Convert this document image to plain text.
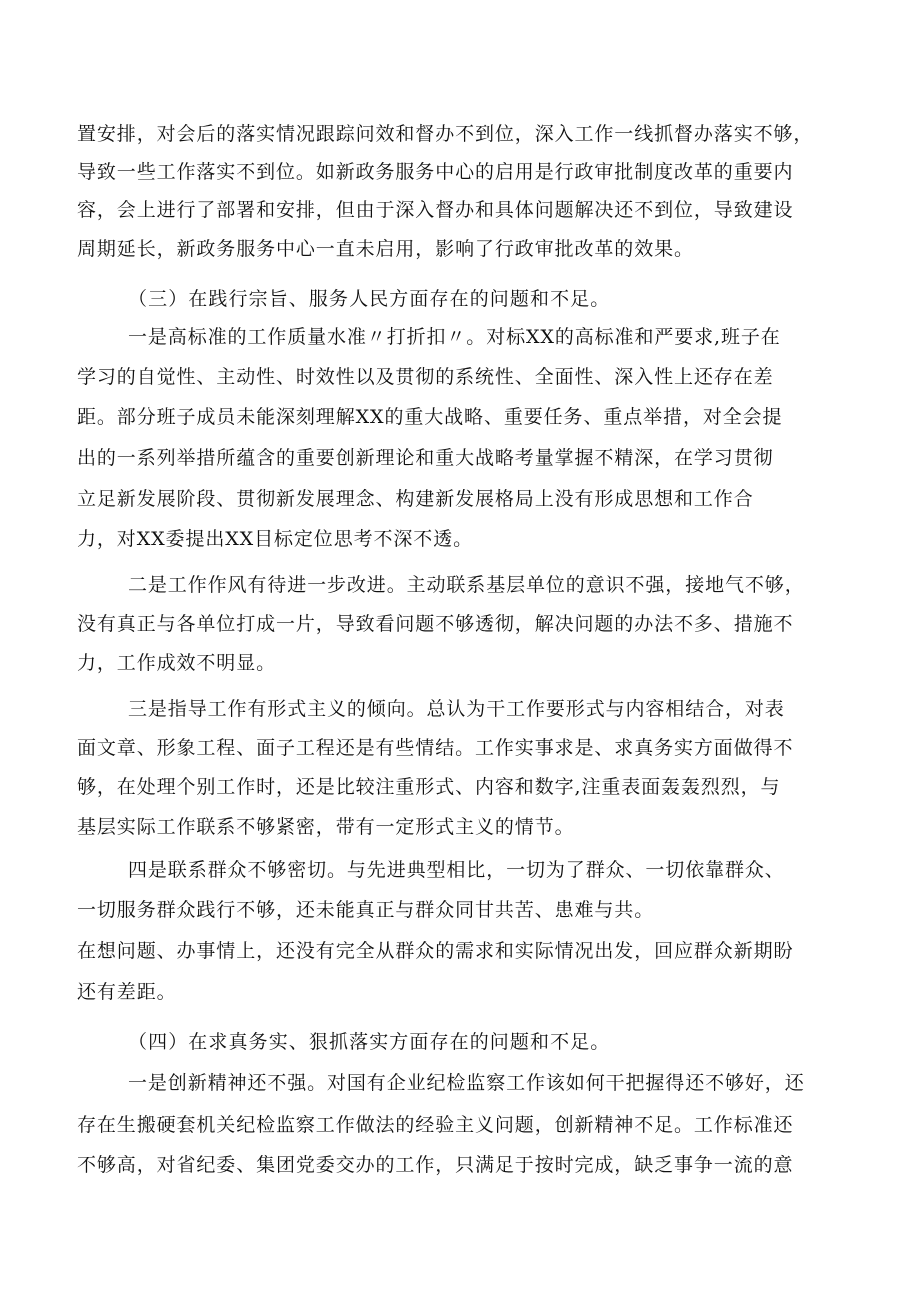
置安排，对会后的落实情况跟踪问效和督办不到位，深入工作一线抓督办落实不够，
导致一些工作落实不到位。如新政务服务中心的启用是行政审批制度改革的重要内
容，会上进行了部署和安排，但由于深入督办和具体问题解决还不到位，导致建设
周期延长，新政务服务中心一直未启用，影响了行政审批改革的效果。
（三）在践行宗旨、服务人民方面存在的问题和不足。
一是高标准的工作质量水准〃打折扣〃。对标XX的高标准和严要求,班子在
学习的自觉性、主动性、时效性以及贯彻的系统性、全面性、深入性上还存在差
距。部分班子成员未能深刻理解XX的重大战略、重要任务、重点举措，对全会提
出的一系列举措所蕴含的重要创新理论和重大战略考量掌握不精深，在学习贯彻
立足新发展阶段、贯彻新发展理念、构建新发展格局上没有形成思想和工作合
力，对XX委提出XX目标定位思考不深不透。
二是工作作风有待进一步改进。主动联系基层单位的意识不强，接地气不够，
没有真正与各单位打成一片，导致看问题不够透彻，解决问题的办法不多、措施不
力，工作成效不明显。
三是指导工作有形式主义的倾向。总认为干工作要形式与内容相结合，对表
面文章、形象工程、面子工程还是有些情结。工作实事求是、求真务实方面做得不
够，在处理个别工作时，还是比较注重形式、内容和数字,注重表面轰轰烈烈，与
基层实际工作联系不够紧密，带有一定形式主义的情节。
四是联系群众不够密切。与先进典型相比，一切为了群众、一切依靠群众、
一切服务群众践行不够，还未能真正与群众同甘共苦、患难与共。
在想问题、办事情上，还没有完全从群众的需求和实际情况出发，回应群众新期盼
还有差距。
（四）在求真务实、狠抓落实方面存在的问题和不足。
一是创新精神还不强。对国有企业纪检监察工作该如何干把握得还不够好，还
存在生搬硬套机关纪检监察工作做法的经验主义问题，创新精神不足。工作标准还
不够高，对省纪委、集团党委交办的工作，只满足于按时完成，缺乏事争一流的意
